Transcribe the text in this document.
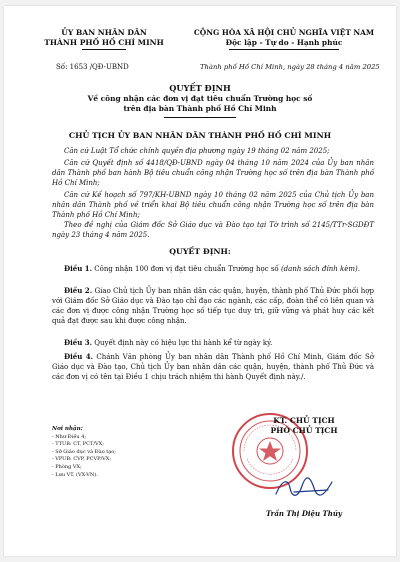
ỦY BAN NHÂN DÂN
THÀNH PHỐ HỒ CHÍ MINH
CỘNG HÒA XÃ HỘI CHỦ NGHĨA VIỆT NAM
Độc lập - Tự do - Hạnh phúc
Số: 1653 /QĐ-UBND	Thành phố Hồ Chí Minh, ngày 28 tháng 4 năm 2025
QUYẾT ĐỊNH
Về công nhận các đơn vị đạt tiêu chuẩn Trường học số
trên địa bàn Thành phố Hồ Chí Minh
CHỦ TỊCH ỦY BAN NHÂN DÂN THÀNH PHỐ HỒ CHÍ MINH
Căn cứ Luật Tổ chức chính quyền địa phương ngày 19 tháng 02 năm 2025;
Căn cứ Quyết định số 4418/QĐ-UBND ngày 04 tháng 10 năm 2024 của Ủy ban nhân dân Thành phố ban hành Bộ tiêu chuẩn công nhận Trường học số trên địa bàn Thành phố Hồ Chí Minh;
Căn cứ Kế hoạch số 797/KH-UBND ngày 10 tháng 02 năm 2025 của Chủ tịch Ủy ban nhân dân Thành phố về triển khai Bộ tiêu chuẩn công nhận Trường học số trên địa bàn Thành phố Hồ Chí Minh;
Theo đề nghị của Giám đốc Sở Giáo dục và Đào tạo tại Tờ trình số 2145/TTr-SGDĐT ngày 23 tháng 4 năm 2025.
QUYẾT ĐỊNH:
Điều 1. Công nhận 100 đơn vị đạt tiêu chuẩn Trường học số (danh sách đính kèm).
Điều 2. Giao Chủ tịch Ủy ban nhân dân các quận, huyện, thành phố Thủ Đức phối hợp với Giám đốc Sở Giáo dục và Đào tạo chỉ đạo các ngành, các cấp, đoàn thể có liên quan và các đơn vị được công nhận Trường học số tiếp tục duy trì, giữ vững và phát huy các kết quả đạt được sau khi được công nhận.
Điều 3. Quyết định này có hiệu lực thi hành kể từ ngày ký.
Điều 4. Chánh Văn phòng Ủy ban nhân dân Thành phố Hồ Chí Minh, Giám đốc Sở Giáo dục và Đào tạo, Chủ tịch Ủy ban nhân dân các quận, huyện, thành phố Thủ Đức và các đơn vị có tên tại Điều 1 chịu trách nhiệm thi hành Quyết định này./.
Nơi nhận:
- Như Điều 4;
- TTUB: CT, PCT/VX;
- Sở Giáo dục và Đào tạo;
- VPUB: CVP, PCVP/VX;
- Phòng VX;
- Lưu VT, (VX-VN).
KT. CHỦ TỊCH
PHÓ CHỦ TỊCH
Trần Thị Diệu Thúy
